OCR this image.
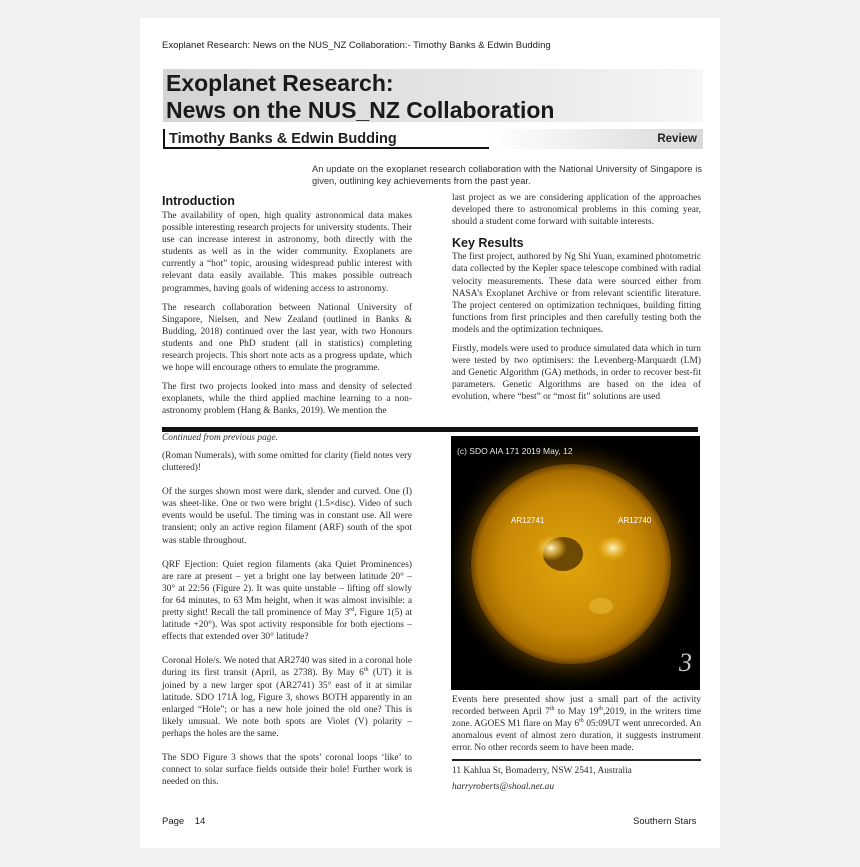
Exoplanet Research: News on the NUS_NZ Collaboration:- Timothy Banks & Edwin Budding
Exoplanet Research:
News on the NUS_NZ Collaboration
Timothy Banks & Edwin Budding	Review
An update on the exoplanet research collaboration with the National University of Singapore is given, outlining key achievements from the past year.
Introduction

The availability of open, high quality astronomical data makes possible interesting research projects for university students. Their use can increase interest in astronomy, both directly with the students as well as in the wider community. Exoplanets are currently a “hot” topic, arousing widespread public interest with relevant data easily available. This makes possible outreach programmes, having goals of widening access to astronomy.

The research collaboration between National University of Singapore, Nielsen, and New Zealand (outlined in Banks & Budding, 2018) continued over the last year, with two Honours students and one PhD student (all in statistics) completing research projects. This short note acts as a progress update, which we hope will encourage others to emulate the programme.

The first two projects looked into mass and density of selected exoplanets, while the third applied machine learning to a non-astronomy problem (Hang & Banks, 2019). We mention the

last project as we are considering application of the approaches developed there to astronomical problems in this coming year, should a student come forward with suitable interests.

Key Results

The first project, authored by Ng Shi Yuan, examined photometric data collected by the Kepler space telescope combined with radial velocity measurements. These data were sourced either from NASA’s Exoplanet Archive or from relevant scientific literature. The project centered on optimization techniques, building fitting functions from first principles and then carefully testing both the models and the optimization techniques.

Firstly, models were used to produce simulated data which in turn were tested by two optimisers: the Levenberg-Marquardt (LM) and Genetic Algorithm (GA) methods, in order to recover best-fit parameters. Genetic Algorithms are based on the idea of evolution, where “best” or “most fit” solutions are used

Continued from previous page.

(Roman Numerals), with some omitted for clarity (field notes very cluttered)!

Of the surges shown most were dark, slender and curved. One (I) was sheet-like. One or two were bright (1.5×disc). Video of such events would be useful. The timing was in constant use. All were transient; only an active region filament (ARF) south of the spot was stable throughout.

QRF Ejection: Quiet region filaments (aka Quiet Prominences) are rare at present – yet a bright one lay between latitude 20° – 30° at 22:56 (Figure 2). It was quite unstable – lifting off slowly for 64 minutes, to 63 Mm height, when it was almost invisible: a pretty sight! Recall the tall prominence of May 3rd, Figure 1(5) at latitude +20°). Was spot activity responsible for both ejections – effects that extended over 30° latitude?

Coronal Hole/s. We noted that AR2740 was sited in a coronal hole during its first transit (April, as 2738). By May 6th (UT) it is joined by a new larger spot (AR2741) 35° east of it at similar latitude. SDO 171Å log, Figure 3, shows BOTH apparently in an enlarged “Hole”; or has a new hole joined the old one? This is likely unusual. We note both spots are Violet (V) polarity – perhaps the holes are the same.

The SDO Figure 3 shows that the spots’ coronal loops ‘like’ to connect to solar surface fields outside their hole! Further work is needed on this.

(c) SDO AIA 171 2019 May, 12
AR12741	AR12740
3

Events here presented show just a small part of the activity recorded between April 7th to May 19th,2019, in the writers time zone. AGOES M1 flare on May 6th 05:09UT went unrecorded. An anomalous event of almost zero duration, it suggests instrument error. No other records seem to have been made.

11 Kahlua St, Bomaderry, NSW 2541, Australia
harryroberts@shoal.net.au
Page    14	Southern Stars
